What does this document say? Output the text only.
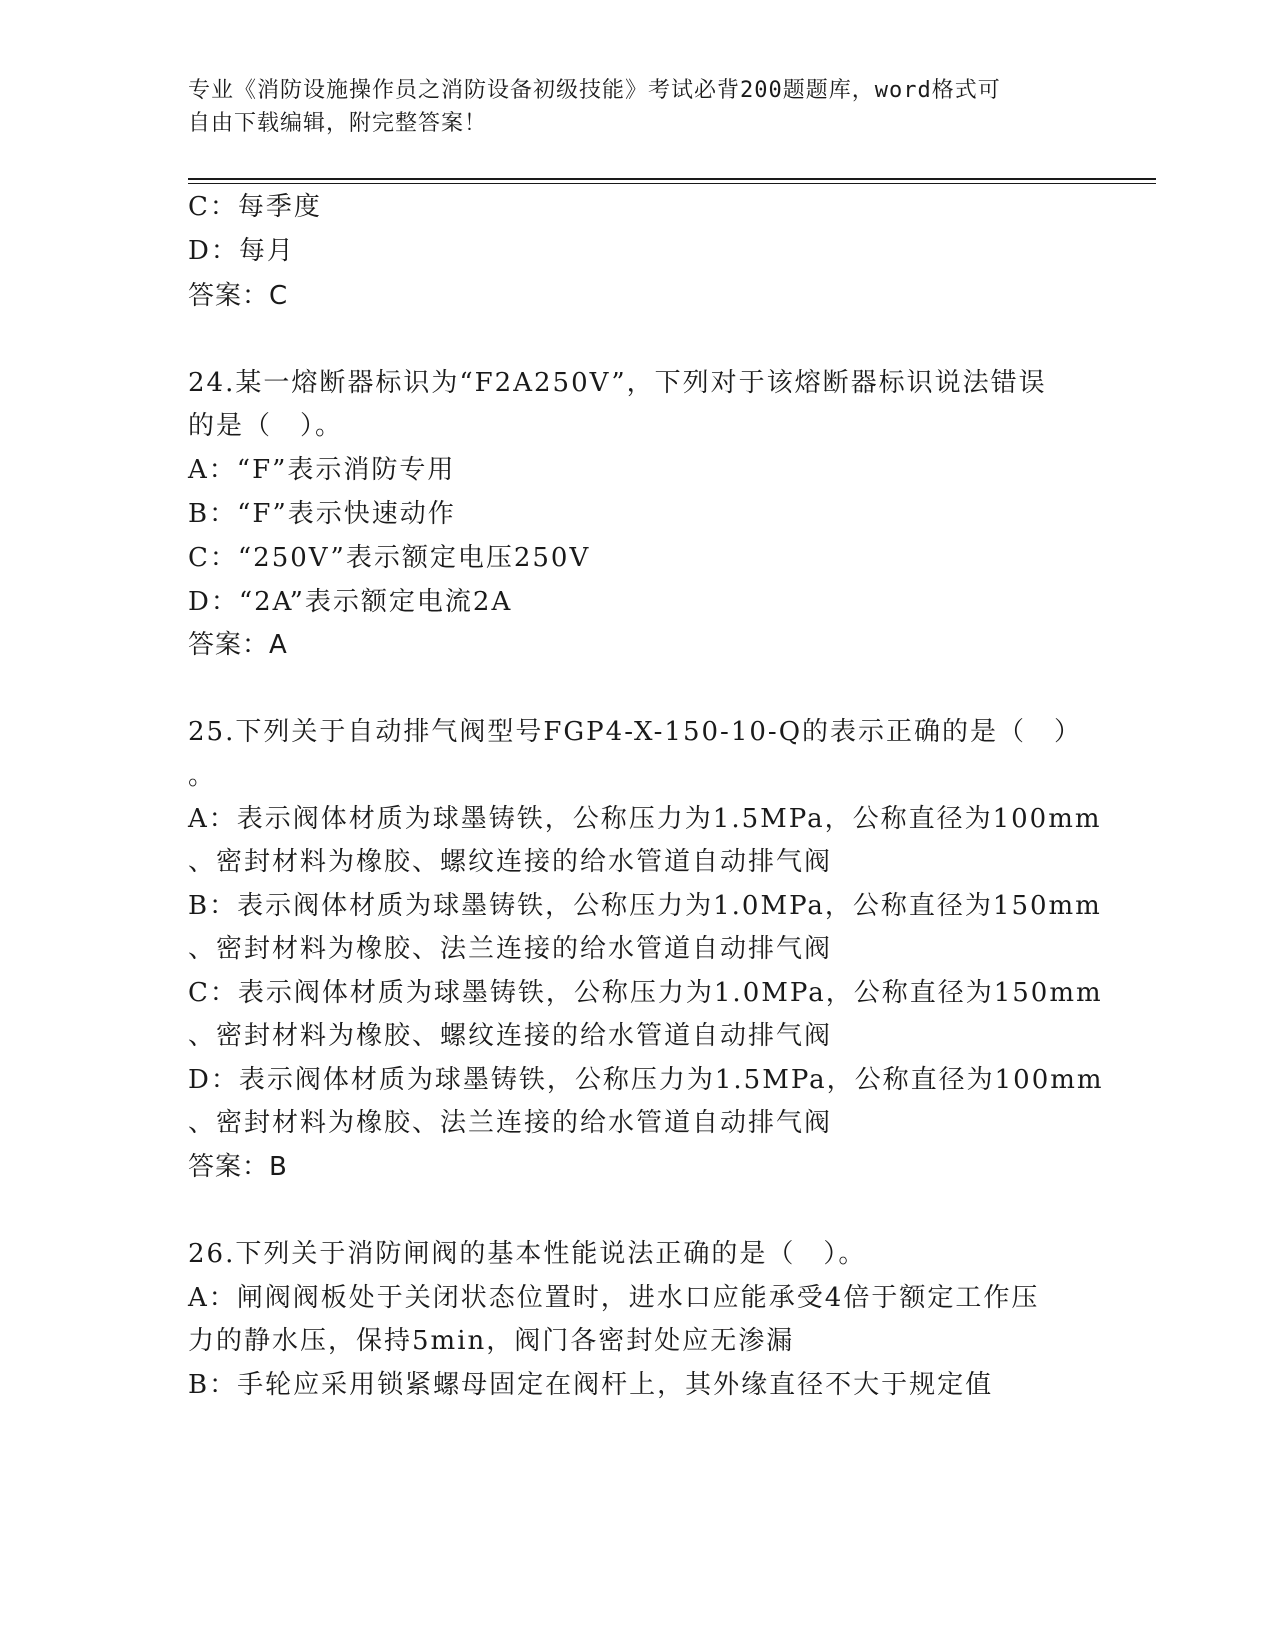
专业《消防设施操作员之消防设备初级技能》考试必背200题题库，word格式可
自由下载编辑，附完整答案！
C：每季度
D：每月
答案：C
24.某一熔断器标识为“F2A250V”，下列对于该熔断器标识说法错误
的是（　）。
A：“F”表示消防专用
B：“F”表示快速动作
C：“250V”表示额定电压250V
D：“2A”表示额定电流2A
答案：A
25.下列关于自动排气阀型号FGP4-X-150-10-Q的表示正确的是（　）
。
A：表示阀体材质为球墨铸铁，公称压力为1.5MPa，公称直径为100mm
、密封材料为橡胶、螺纹连接的给水管道自动排气阀
B：表示阀体材质为球墨铸铁，公称压力为1.0MPa，公称直径为150mm
、密封材料为橡胶、法兰连接的给水管道自动排气阀
C：表示阀体材质为球墨铸铁，公称压力为1.0MPa，公称直径为150mm
、密封材料为橡胶、螺纹连接的给水管道自动排气阀
D：表示阀体材质为球墨铸铁，公称压力为1.5MPa，公称直径为100mm
、密封材料为橡胶、法兰连接的给水管道自动排气阀
答案：B
26.下列关于消防闸阀的基本性能说法正确的是（　）。
A：闸阀阀板处于关闭状态位置时，进水口应能承受4倍于额定工作压
力的静水压，保持5min，阀门各密封处应无渗漏
B：手轮应采用锁紧螺母固定在阀杆上，其外缘直径不大于规定值
